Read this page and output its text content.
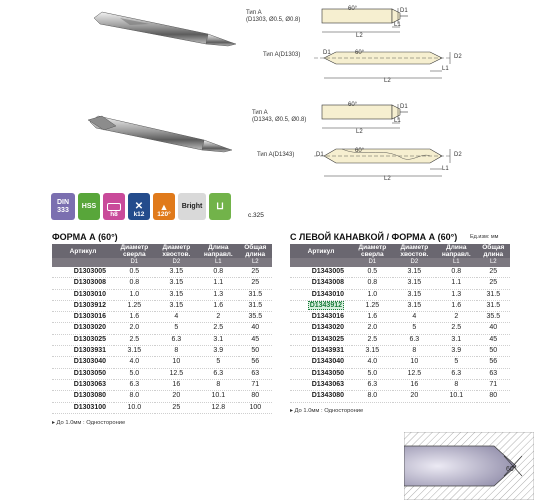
Тип А
(D1303, Ø0.5, Ø0.8)
60°	D1
L1
L2
Тип А(D1303)	60°
D1
D2
L1
L2
Тип А
(D1343, Ø0.5, Ø0.8)
60°	D1
L1
L2
Тип А(D1343)
60°
D1	D2
L1
L2
DIN 333
HSS
h8
✕
k12
▲
120°
Bright ⊔
c.325
ФОРМА А (60°)
Артикул	Диаметр сверла	Диаметр хвостов.	Длина направл.	Общая длина
	D1	D2	L1	L2
D1303005	0.5	3.15	0.8	25
D1303008	0.8	3.15	1.1	25
D1303010	1.0	3.15	1.3	31.5
D1303912	1.25	3.15	1.6	31.5
D1303016	1.6	4	2	35.5
D1303020	2.0	5	2.5	40
D1303025	2.5	6.3	3.1	45
D1303931	3.15	8	3.9	50
D1303040	4.0	10	5	56
D1303050	5.0	12.5	6.3	63
D1303063	6.3	16	8	71
D1303080	8.0	20	10.1	80
D1303100	10.0	25	12.8	100
▸ До 1.0мм : Одностороние
С ЛЕВОЙ КАНАВКОЙ / ФОРМА А (60°) Ед.изм: мм
Артикул	Диаметр сверла	Диаметр хвостов.	Длина направл.	Общая длина
	D1	D2	L1	L2
D1343005	0.5	3.15	0.8	25
D1343008	0.8	3.15	1.1	25
D1343010	1.0	3.15	1.3	31.5
D1343912	1.25	3.15	1.6	31.5
D1343016	1.6	4	2	35.5
D1343020	2.0	5	2.5	40
D1343025	2.5	6.3	3.1	45
D1343931	3.15	8	3.9	50
D1343040	4.0	10	5	56
D1343050	5.0	12.5	6.3	63
D1343063	6.3	16	8	71
D1343080	8.0	20	10.1	80
▸ До 1.0мм : Одностороние
60°
